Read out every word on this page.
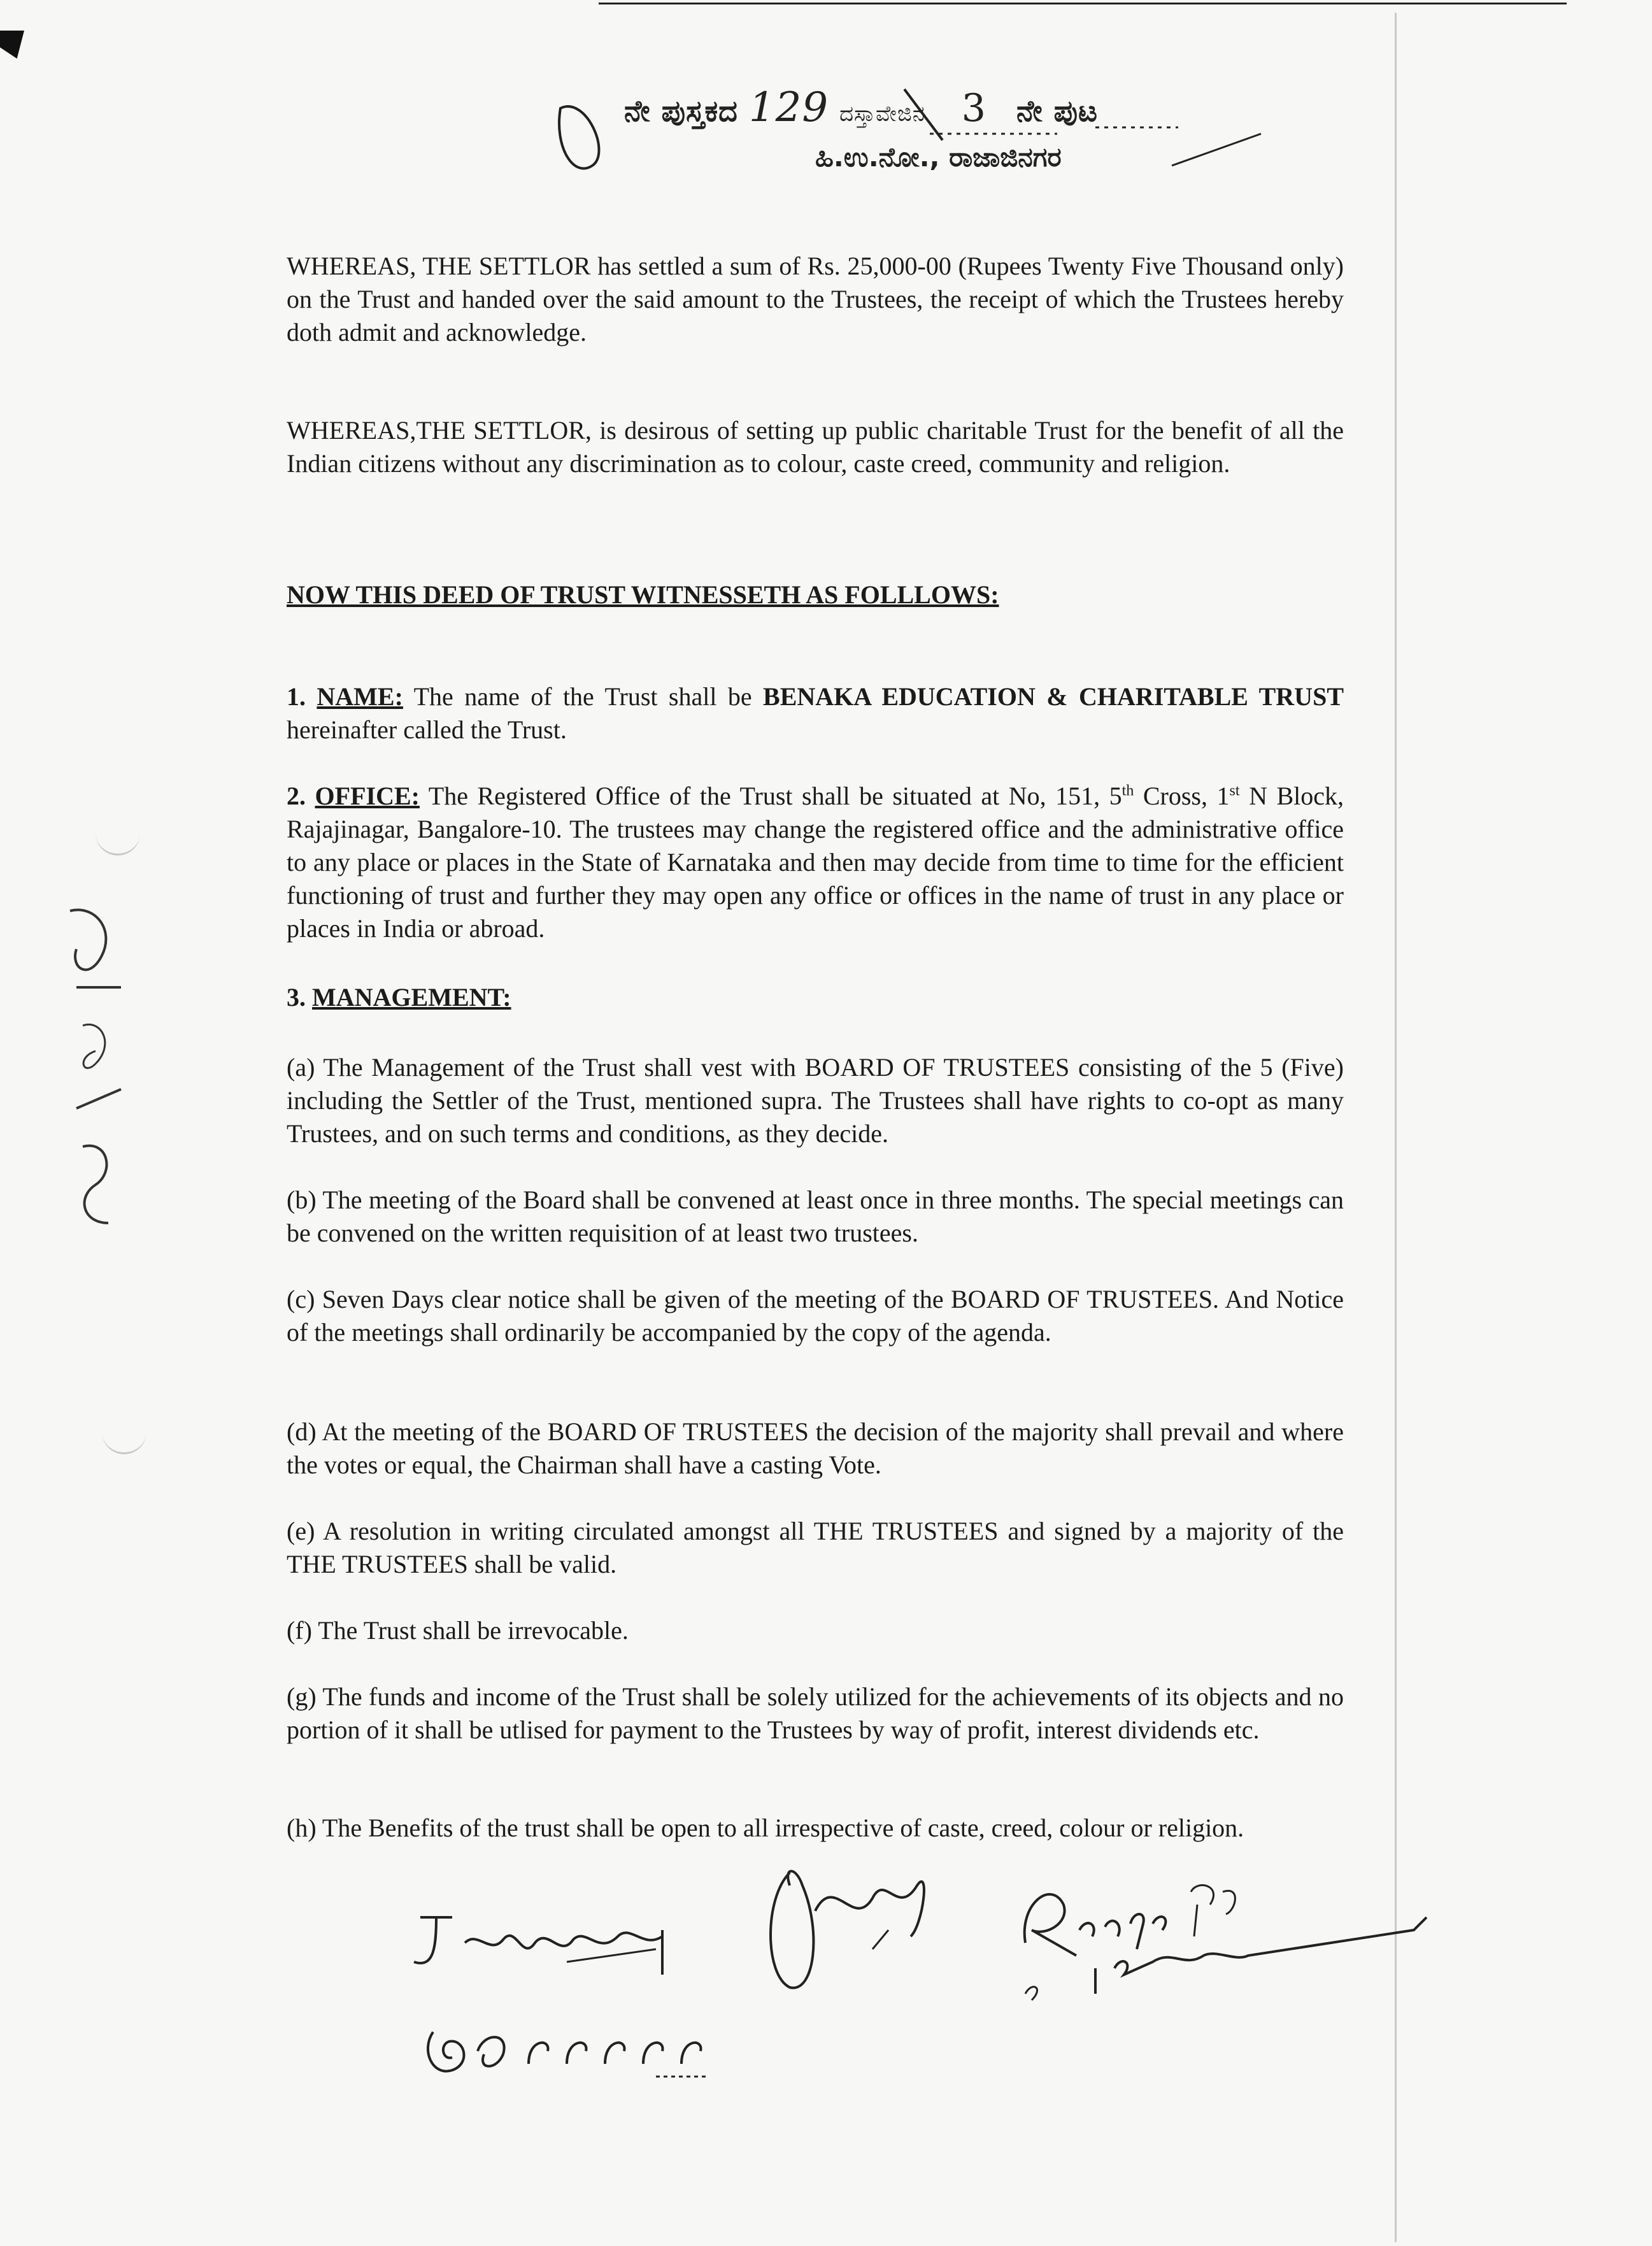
ನೇ ಪುಸ್ತಕದ 129 ದಸ್ತಾವೇಜಿನ 3 ನೇ ಪುಟ
ಹಿ.ಉ.ನೋ., ರಾಜಾಜಿನಗರ
WHEREAS, THE SETTLOR has settled a sum of Rs. 25,000-00 (Rupees Twenty Five Thousand only) on the Trust and handed over the said amount to the Trustees, the receipt of which the Trustees hereby doth admit and acknowledge.
WHEREAS,THE SETTLOR, is desirous of setting up public charitable Trust for the benefit of all the Indian citizens without any discrimination as to colour, caste creed, community and religion.
NOW THIS DEED OF TRUST WITNESSETH AS FOLLLOWS:
1. NAME: The name of the Trust shall be BENAKA EDUCATION & CHARITABLE TRUST hereinafter called the Trust.
2. OFFICE: The Registered Office of the Trust shall be situated at No, 151, 5th Cross, 1st N Block, Rajajinagar, Bangalore-10. The trustees may change the registered office and the administrative office to any place or places in the State of Karnataka and then may decide from time to time for the efficient functioning of trust and further they may open any office or offices in the name of trust in any place or places in India or abroad.
3. MANAGEMENT:
(a) The Management of the Trust shall vest with BOARD OF TRUSTEES consisting of the 5 (Five) including the Settler of the Trust, mentioned supra. The Trustees shall have rights to co-opt as many Trustees, and on such terms and conditions, as they decide.
(b) The meeting of the Board shall be convened at least once in three months. The special meetings can be convened on the written requisition of at least two trustees.
(c) Seven Days clear notice shall be given of the meeting of the BOARD OF TRUSTEES. And Notice of the meetings shall ordinarily be accompanied by the copy of the agenda.
(d) At the meeting of the BOARD OF TRUSTEES the decision of the majority shall prevail and where the votes or equal, the Chairman shall have a casting Vote.
(e) A resolution in writing circulated amongst all THE TRUSTEES and signed by a majority of the THE TRUSTEES shall be valid.
(f) The Trust shall be irrevocable.
(g) The funds and income of the Trust shall be solely utilized for the achievements of its objects and no portion of it shall be utlised for payment to the Trustees by way of profit, interest dividends etc.
(h) The Benefits of the trust shall be open to all irrespective of caste, creed, colour or religion.
